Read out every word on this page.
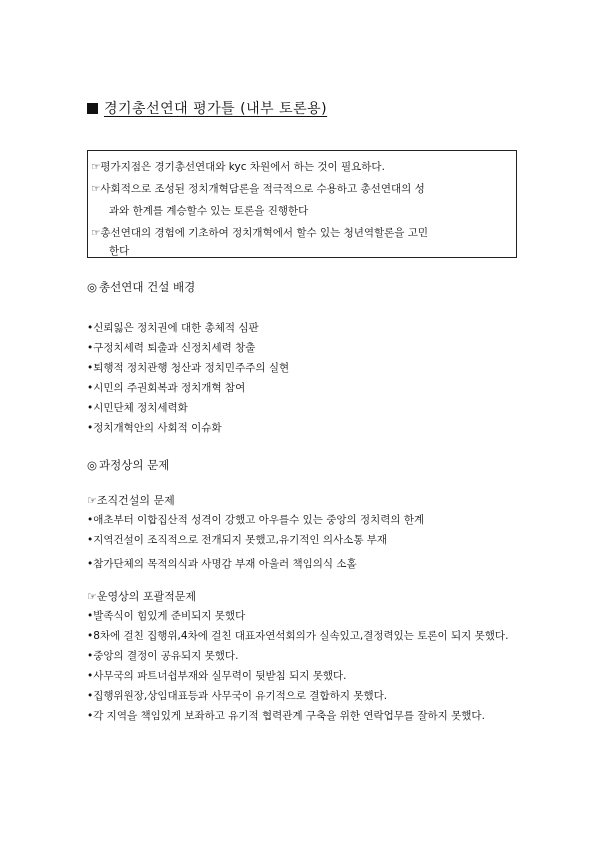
경기총선연대 평가틀 (내부 토론용)
☞평가지점은 경기총선연대와 kyc 차원에서 하는 것이 필요하다.
☞사회적으로 조성된 정치개혁담론을 적극적으로 수용하고 총선연대의 성
과와 한계를 계승할수 있는 토론을 진행한다
☞총선연대의 경험에 기초하여 정치개혁에서 할수 있는 청년역할론을 고민
한다
◎ 총선연대 건설 배경
•신뢰잃은 정치권에 대한 총체적 심판
•구정치세력 퇴출과 신정치세력 창출
•퇴행적 정치관행 청산과 정치민주주의 실현
•시민의 주권회복과 정치개혁 참여
•시민단체 정치세력화
•정치개혁안의 사회적 이슈화
◎ 과정상의 문제
☞조직건설의 문제
•애초부터 이합집산적 성격이 강했고 아우를수 있는 중앙의 정치력의 한계
•지역건설이 조직적으로 전개되지 못했고,유기적인 의사소통 부재
•참가단체의 목적의식과 사명감 부재 아울러 책임의식 소홀
☞운영상의 포괄적문제
•발족식이 힘있게 준비되지 못했다
•8차에 걸친 집행위,4차에 걸친 대표자연석회의가 실속있고,결정력있는 토론이 되지 못했다.
•중앙의 결정이 공유되지 못했다.
•사무국의 파트너쉽부재와 실무력이 뒷받침 되지 못했다.
•집행위원장,상임대표등과 사무국이 유기적으로 결합하지 못했다.
•각 지역을 책임있게 보좌하고 유기적 협력관계 구축을 위한 연락업무를 잘하지 못했다.
